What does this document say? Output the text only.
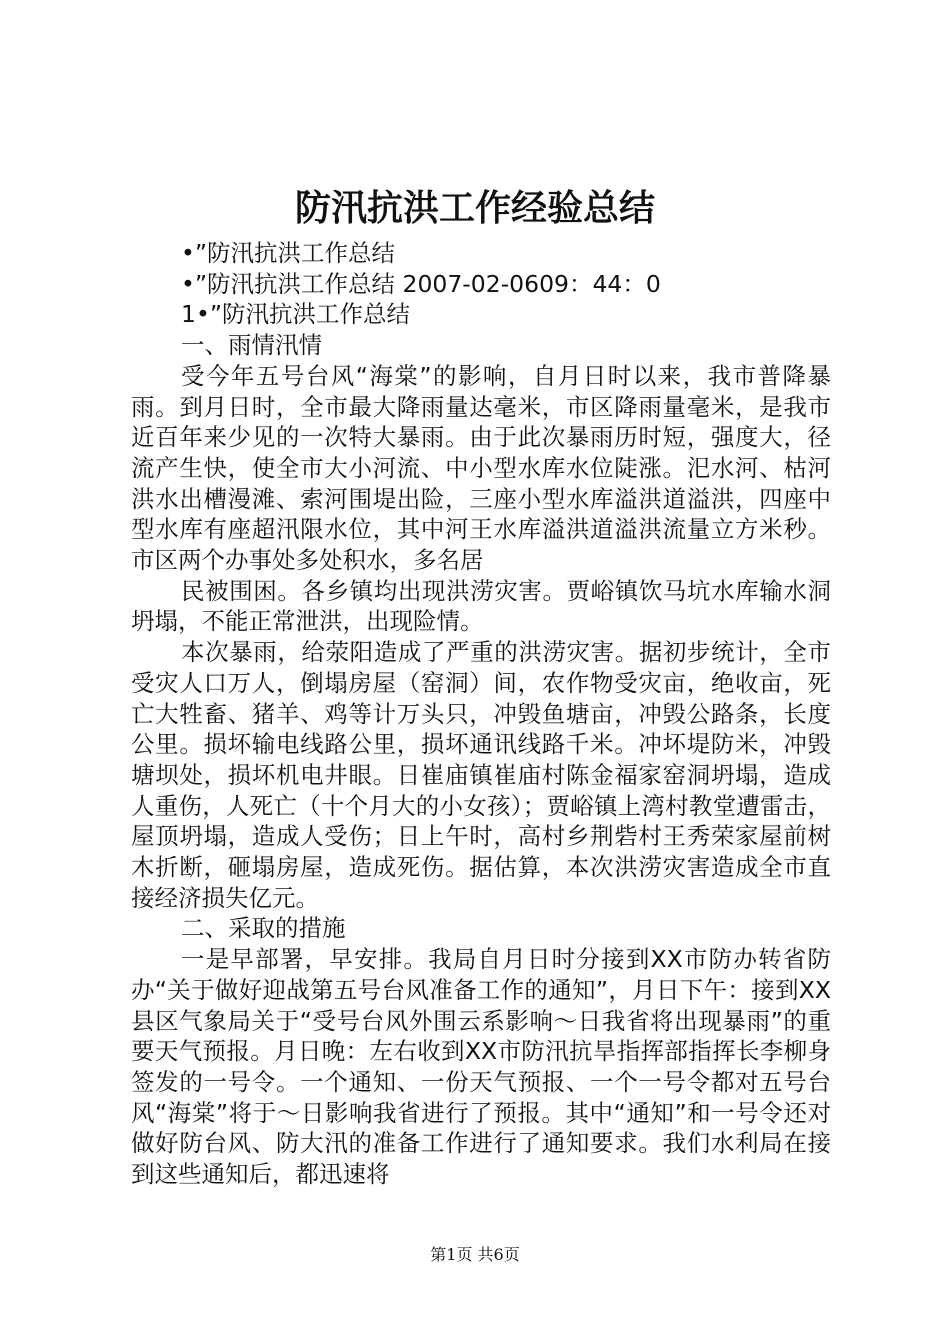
防汛抗洪工作经验总结

•”防汛抗洪工作总结

•”防汛抗洪工作总结 2007-02-0609：44：0

1•”防汛抗洪工作总结

一、雨情汛情

受今年五号台风“海棠”的影响，自月日时以来，我市普降暴雨。到月日时，全市最大降雨量达毫米，市区降雨量毫米，是我市近百年来少见的一次特大暴雨。由于此次暴雨历时短，强度大，径流产生快，使全市大小河流、中小型水库水位陡涨。汜水河、枯河洪水出槽漫滩、索河围堤出险，三座小型水库溢洪道溢洪，四座中型水库有座超汛限水位，其中河王水库溢洪道溢洪流量立方米秒。市区两个办事处多处积水，多名居

民被围困。各乡镇均出现洪涝灾害。贾峪镇饮马坑水库输水洞坍塌，不能正常泄洪，出现险情。

本次暴雨，给荥阳造成了严重的洪涝灾害。据初步统计，全市受灾人口万人，倒塌房屋（窑洞）间，农作物受灾亩，绝收亩，死亡大牲畜、猪羊、鸡等计万头只，冲毁鱼塘亩，冲毁公路条，长度公里。损坏输电线路公里，损坏通讯线路千米。冲坏堤防米，冲毁塘坝处，损坏机电井眼。日崔庙镇崔庙村陈金福家窑洞坍塌，造成人重伤，人死亡（十个月大的小女孩）；贾峪镇上湾村教堂遭雷击，屋顶坍塌，造成人受伤；日上午时，高村乡荆砦村王秀荣家屋前树木折断，砸塌房屋，造成死伤。据估算，本次洪涝灾害造成全市直接经济损失亿元。

二、采取的措施

一是早部署，早安排。我局自月日时分接到XX市防办转省防办“关于做好迎战第五号台风准备工作的通知”，月日下午：接到XX县区气象局关于“受号台风外围云系影响～日我省将出现暴雨”的重要天气预报。月日晚：左右收到XX市防汛抗旱指挥部指挥长李柳身签发的一号令。一个通知、一份天气预报、一个一号令都对五号台风“海棠”将于～日影响我省进行了预报。其中“通知”和一号令还对做好防台风、防大汛的准备工作进行了通知要求。我们水利局在接到这些通知后，都迅速将

第1页 共6页
